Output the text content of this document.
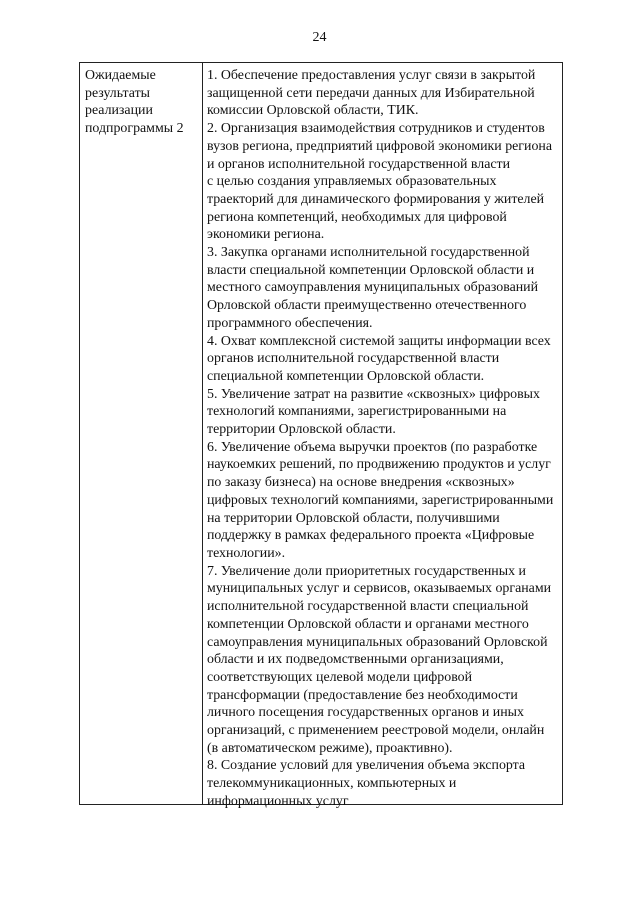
24
Ожидаемые
результаты
реализации
подпрограммы 2
1. Обеспечение предоставления услуг связи в закрытой
защищенной сети передачи данных для Избирательной
комиссии Орловской области, ТИК.
2. Организация взаимодействия сотрудников и студентов
вузов региона, предприятий цифровой экономики региона
и органов исполнительной государственной власти
с целью создания управляемых образовательных
траекторий для динамического формирования у жителей
региона компетенций, необходимых для цифровой
экономики региона.
3. Закупка органами исполнительной государственной
власти специальной компетенции Орловской области и
местного самоуправления муниципальных образований
Орловской области преимущественно отечественного
программного обеспечения.
4. Охват комплексной системой защиты информации всех
органов исполнительной государственной власти
специальной компетенции Орловской области.
5. Увеличение затрат на развитие «сквозных» цифровых
технологий компаниями, зарегистрированными на
территории Орловской области.
6. Увеличение объема выручки проектов (по разработке
наукоемких решений, по продвижению продуктов и услуг
по заказу бизнеса) на основе внедрения «сквозных»
цифровых технологий компаниями, зарегистрированными
на территории Орловской области, получившими
поддержку в рамках федерального проекта «Цифровые
технологии».
7. Увеличение доли приоритетных государственных и
муниципальных услуг и сервисов, оказываемых органами
исполнительной государственной власти специальной
компетенции Орловской области и органами местного
самоуправления муниципальных образований Орловской
области и их подведомственными организациями,
соответствующих целевой модели цифровой
трансформации (предоставление без необходимости
личного посещения государственных органов и иных
организаций, с применением реестровой модели, онлайн
(в автоматическом режиме), проактивно).
8. Создание условий для увеличения объема экспорта
телекоммуникационных, компьютерных и
информационных услуг
